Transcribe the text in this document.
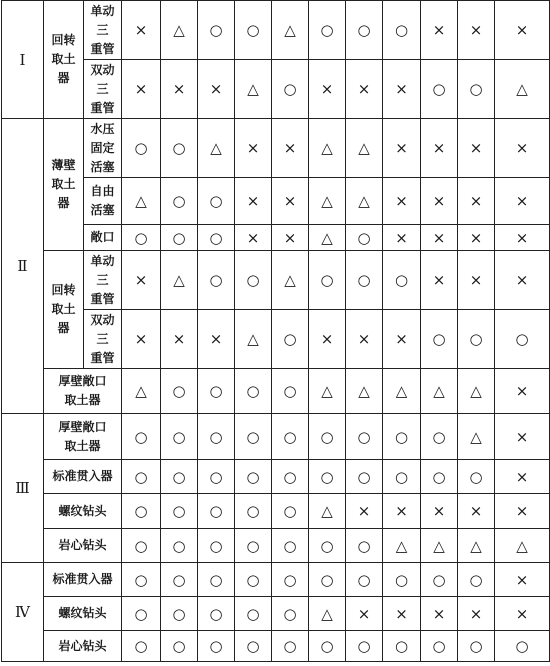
Ⅰ	回转
取土
器	单动
三
重管	×	△	○	○	△	○	○	○	×	×	×

		双动
三
重管	×	×	×	△	○	×	×	×	○	○	△
Ⅱ	薄壁
取土
器	水压
固定
活塞	○	○	△	×	×	△	△	×	×	×	×

		自由
活塞	△	○	○	×	×	△	△	×	×	×	×
		敞口	○	○	○	×	×	△	○	×	×	×	×

	回转
取土
器	单动
三
重管	×	△	○	○	△	○	○	○	×	×	×

		双动
三
重管	×	×	×	△	○	×	×	×	○	○	○

	厚壁敞口
取土器		△	○	○	○	○	△	△	△	△	△	×
Ⅲ	厚壁敞口
取土器		○	○	○	○	○	○	○	○	○	△	×
	标准贯入器		○	○	○	○	○	○	○	○	○	○	×
	螺纹钻头		○	○	○	○	○	△	×	×	×	×	×
	岩心钻头		○	○	○	○	○	○	○	△	△	△	△
Ⅳ	标准贯入器		○	○	○	○	○	○	○	○	○	○	×
	螺纹钻头		○	○	○	○	○	△	×	×	×	×	×
	岩心钻头		○	○	○	○	○	○	○	○	○	○	○
